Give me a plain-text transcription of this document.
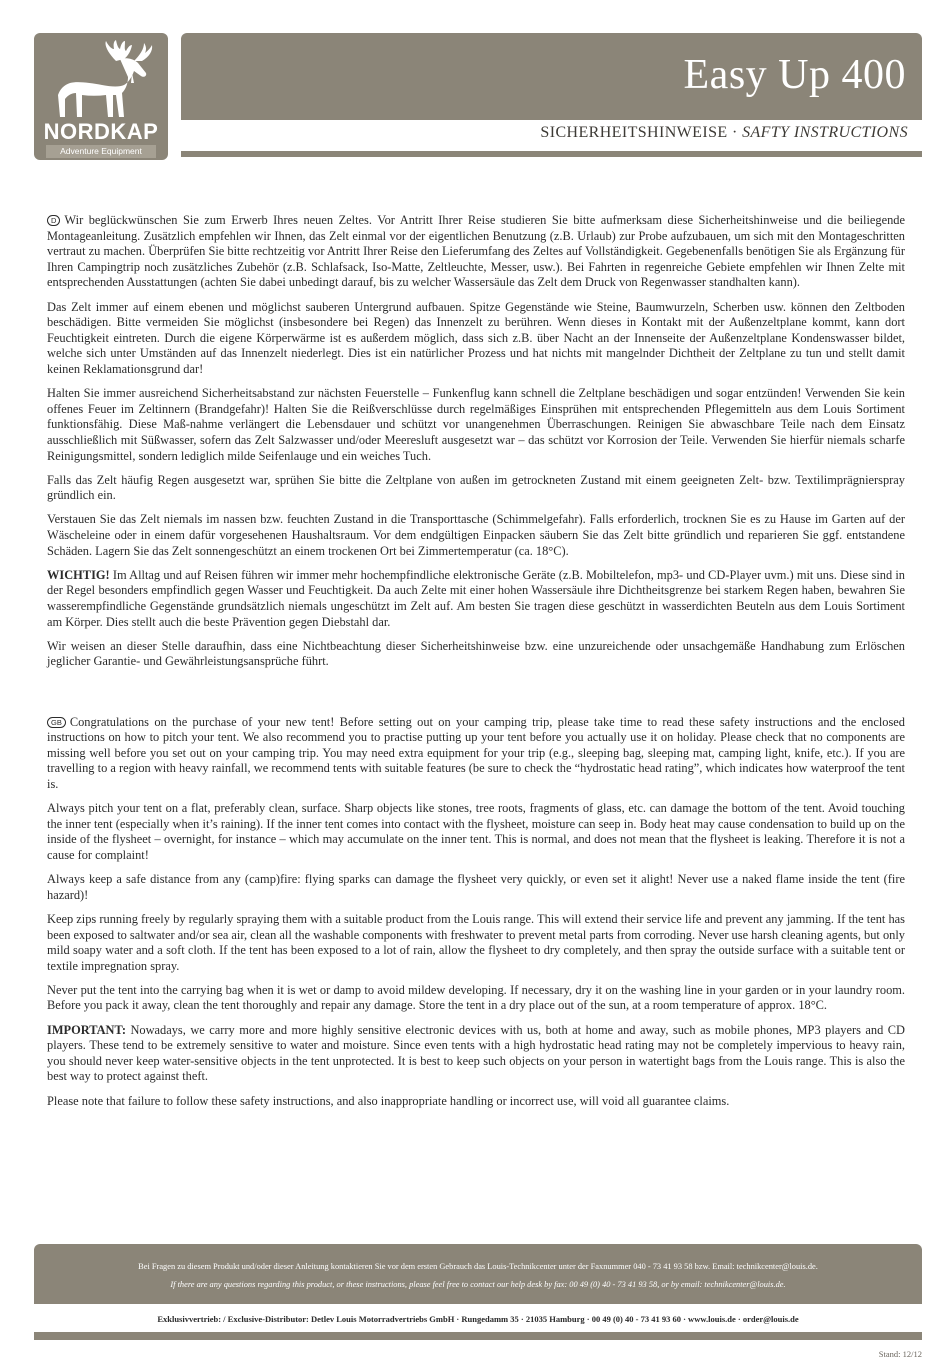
NORDKAP
Adventure Equipment
Easy Up 400
SICHERHEITSHINWEISE · SAFTY INSTRUCTIONS

D Wir beglückwünschen Sie zum Erwerb Ihres neuen Zeltes. Vor Antritt Ihrer Reise studieren Sie bitte aufmerksam diese Sicherheitshinweise und die beiliegende Montageanleitung. Zusätzlich empfehlen wir Ihnen, das Zelt einmal vor der eigentlichen Benutzung (z.B. Urlaub) zur Probe aufzubauen, um sich mit den Montageschritten vertraut zu machen. Überprüfen Sie bitte rechtzeitig vor Antritt Ihrer Reise den Lieferumfang des Zeltes auf Vollständigkeit. Gegebenenfalls benötigen Sie als Ergänzung für Ihren Campingtrip noch zusätzliches Zubehör (z.B. Schlafsack, Iso-Matte, Zeltleuchte, Messer, usw.). Bei Fahrten in regenreiche Gebiete empfehlen wir Ihnen Zelte mit entsprechenden Ausstattungen (achten Sie dabei unbedingt darauf, bis zu welcher Wassersäule das Zelt dem Druck von Regenwasser standhalten kann).

Das Zelt immer auf einem ebenen und möglichst sauberen Untergrund aufbauen. Spitze Gegenstände wie Steine, Baumwurzeln, Scherben usw. können den Zeltboden beschädigen. Bitte vermeiden Sie möglichst (insbesondere bei Regen) das Innenzelt zu berühren. Wenn dieses in Kontakt mit der Außenzeltplane kommt, kann dort Feuchtigkeit eintreten. Durch die eigene Körperwärme ist es außerdem möglich, dass sich z.B. über Nacht an der Innenseite der Außenzeltplane Kondenswasser bildet, welche sich unter Umständen auf das Innenzelt niederlegt. Dies ist ein natürlicher Prozess und hat nichts mit mangelnder Dichtheit der Zeltplane zu tun und stellt damit keinen Reklamationsgrund dar!

Halten Sie immer ausreichend Sicherheitsabstand zur nächsten Feuerstelle – Funkenflug kann schnell die Zeltplane beschädigen und sogar entzünden! Verwenden Sie kein offenes Feuer im Zeltinnern (Brandgefahr)! Halten Sie die Reißverschlüsse durch regelmäßiges Einsprühen mit entsprechenden Pflegemitteln aus dem Louis Sortiment funktionsfähig. Diese Maß-nahme verlängert die Lebensdauer und schützt vor unangenehmen Überraschungen. Reinigen Sie abwaschbare Teile nach dem Einsatz ausschließlich mit Süßwasser, sofern das Zelt Salzwasser und/oder Meeresluft ausgesetzt war – das schützt vor Korrosion der Teile. Verwenden Sie hierfür niemals scharfe Reinigungsmittel, sondern lediglich milde Seifenlauge und ein weiches Tuch.

Falls das Zelt häufig Regen ausgesetzt war, sprühen Sie bitte die Zeltplane von außen im getrockneten Zustand mit einem geeigneten Zelt- bzw. Textilimprägnierspray gründlich ein.

Verstauen Sie das Zelt niemals im nassen bzw. feuchten Zustand in die Transporttasche (Schimmelgefahr). Falls erforderlich, trocknen Sie es zu Hause im Garten auf der Wäscheleine oder in einem dafür vorgesehenen Haushaltsraum. Vor dem endgültigen Einpacken säubern Sie das Zelt bitte gründlich und reparieren Sie ggf. entstandene Schäden. Lagern Sie das Zelt sonnengeschützt an einem trockenen Ort bei Zimmertemperatur (ca. 18°C).

WICHTIG! Im Alltag und auf Reisen führen wir immer mehr hochempfindliche elektronische Geräte (z.B. Mobiltelefon, mp3- und CD-Player uvm.) mit uns. Diese sind in der Regel besonders empfindlich gegen Wasser und Feuchtigkeit. Da auch Zelte mit einer hohen Wassersäule ihre Dichtheitsgrenze bei starkem Regen haben, bewahren Sie wasserempfindliche Gegenstände grundsätzlich niemals ungeschützt im Zelt auf. Am besten Sie tragen diese geschützt in wasserdichten Beuteln aus dem Louis Sortiment am Körper. Dies stellt auch die beste Prävention gegen Diebstahl dar.

Wir weisen an dieser Stelle daraufhin, dass eine Nichtbeachtung dieser Sicherheitshinweise bzw. eine unzureichende oder unsachgemäße Handhabung zum Erlöschen jeglicher Garantie- und Gewährleistungsansprüche führt.

GB Congratulations on the purchase of your new tent! Before setting out on your camping trip, please take time to read these safety instructions and the enclosed instructions on how to pitch your tent. We also recommend you to practise putting up your tent before you actually use it on holiday. Please check that no components are missing well before you set out on your camping trip. You may need extra equipment for your trip (e.g., sleeping bag, sleeping mat, camping light, knife, etc.). If you are travelling to a region with heavy rainfall, we recommend tents with suitable features (be sure to check the “hydrostatic head rating”, which indicates how waterproof the tent is.

Always pitch your tent on a flat, preferably clean, surface. Sharp objects like stones, tree roots, fragments of glass, etc. can damage the bottom of the tent. Avoid touching the inner tent (especially when it’s raining). If the inner tent comes into contact with the flysheet, moisture can seep in. Body heat may cause condensation to build up on the inside of the flysheet – overnight, for instance – which may accumulate on the inner tent. This is normal, and does not mean that the flysheet is leaking. Therefore it is not a cause for complaint!

Always keep a safe distance from any (camp)fire: flying sparks can damage the flysheet very quickly, or even set it alight! Never use a naked flame inside the tent (fire hazard)!

Keep zips running freely by regularly spraying them with a suitable product from the Louis range. This will extend their service life and prevent any jamming. If the tent has been exposed to saltwater and/or sea air, clean all the washable components with freshwater to prevent metal parts from corroding. Never use harsh cleaning agents, but only mild soapy water and a soft cloth. If the tent has been exposed to a lot of rain, allow the flysheet to dry completely, and then spray the outside surface with a suitable tent or textile impregnation spray.

Never put the tent into the carrying bag when it is wet or damp to avoid mildew developing. If necessary, dry it on the washing line in your garden or in your laundry room. Before you pack it away, clean the tent thoroughly and repair any damage. Store the tent in a dry place out of the sun, at a room temperature of approx. 18°C.

IMPORTANT: Nowadays, we carry more and more highly sensitive electronic devices with us, both at home and away, such as mobile phones, MP3 players and CD players. These tend to be extremely sensitive to water and moisture. Since even tents with a high hydrostatic head rating may not be completely impervious to heavy rain, you should never keep water-sensitive objects in the tent unprotected. It is best to keep such objects on your person in watertight bags from the Louis range. This is also the best way to protect against theft.

Please note that failure to follow these safety instructions, and also inappropriate handling or incorrect use, will void all guarantee claims.

Bei Fragen zu diesem Produkt und/oder dieser Anleitung kontaktieren Sie vor dem ersten Gebrauch das Louis-Technikcenter unter der Faxnummer 040 - 73 41 93 58 bzw. Email: technikcenter@louis.de.
If there are any questions regarding this product, or these instructions, please feel free to contact our help desk by fax: 00 49 (0) 40 - 73 41 93 58, or by email: technikcenter@louis.de.
Exklusivvertrieb: / Exclusive-Distributor: Detlev Louis Motorradvertriebs GmbH · Rungedamm 35 · 21035 Hamburg · 00 49 (0) 40 - 73 41 93 60 · www.louis.de · order@louis.de
Stand: 12/12
